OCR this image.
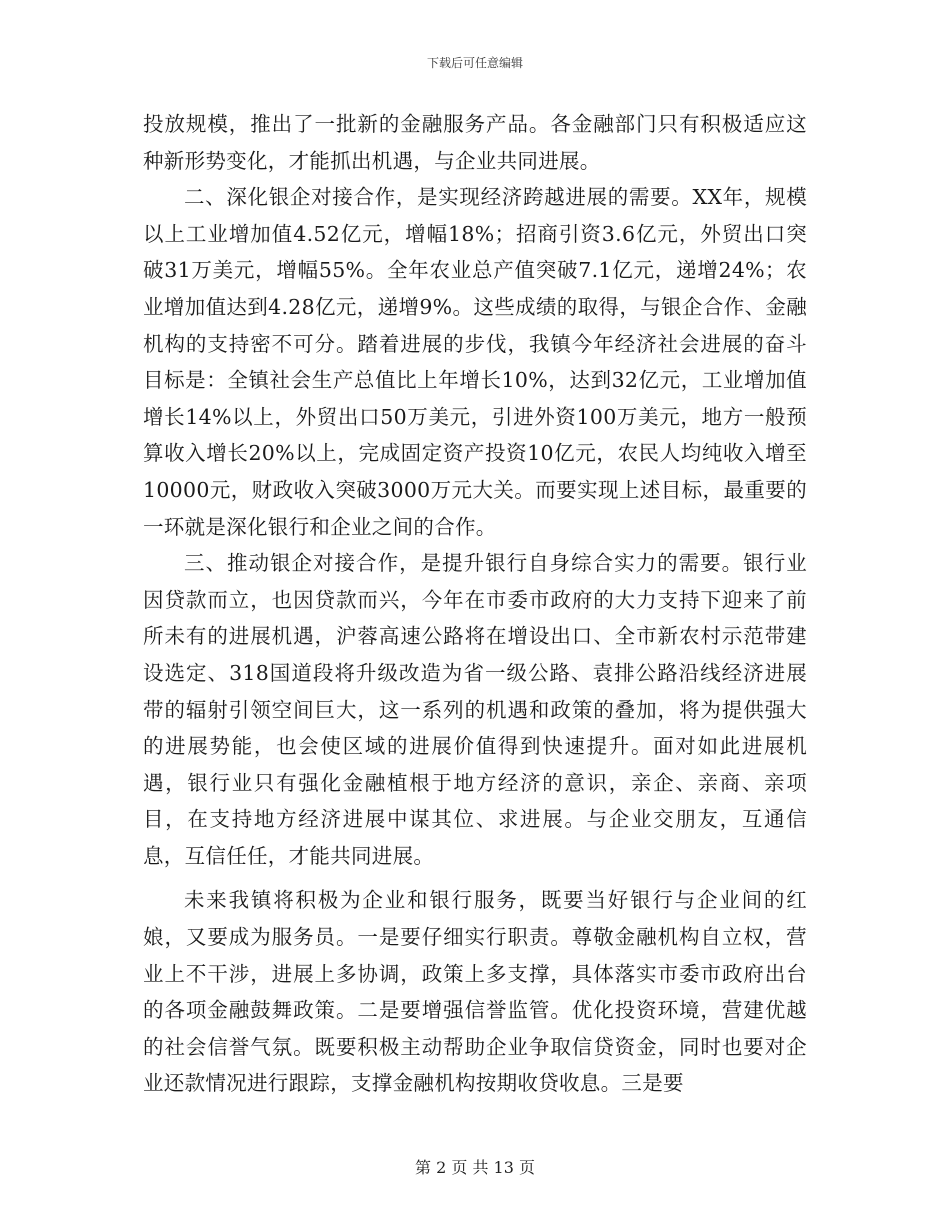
下载后可任意编辑

投放规模，推出了一批新的金融服务产品。各金融部门只有积极适应这种新形势变化，才能抓出机遇，与企业共同进展。

二、深化银企对接合作，是实现经济跨越进展的需要。XX年，规模以上工业增加值4.52亿元，增幅18%；招商引资3.6亿元，外贸出口突破31万美元，增幅55%。全年农业总产值突破7.1亿元，递增24%；农业增加值达到4.28亿元，递增9%。这些成绩的取得，与银企合作、金融机构的支持密不可分。踏着进展的步伐，我镇今年经济社会进展的奋斗目标是：全镇社会生产总值比上年增长10%，达到32亿元，工业增加值增长14%以上，外贸出口50万美元，引进外资100万美元，地方一般预算收入增长20%以上，完成固定资产投资10亿元，农民人均纯收入增至10000元，财政收入突破3000万元大关。而要实现上述目标，最重要的一环就是深化银行和企业之间的合作。

三、推动银企对接合作，是提升银行自身综合实力的需要。银行业因贷款而立，也因贷款而兴，今年在市委市政府的大力支持下迎来了前所未有的进展机遇，沪蓉高速公路将在增设出口、全市新农村示范带建设选定、318国道段将升级改造为省一级公路、袁排公路沿线经济进展带的辐射引领空间巨大，这一系列的机遇和政策的叠加，将为提供强大的进展势能，也会使区域的进展价值得到快速提升。面对如此进展机遇，银行业只有强化金融植根于地方经济的意识，亲企、亲商、亲项目，在支持地方经济进展中谋其位、求进展。与企业交朋友，互通信息，互信任任，才能共同进展。

未来我镇将积极为企业和银行服务，既要当好银行与企业间的红娘，又要成为服务员。一是要仔细实行职责。尊敬金融机构自立权，营业上不干涉，进展上多协调，政策上多支撑，具体落实市委市政府出台的各项金融鼓舞政策。二是要增强信誉监管。优化投资环境，营建优越的社会信誉气氛。既要积极主动帮助企业争取信贷资金，同时也要对企业还款情况进行跟踪，支撑金融机构按期收贷收息。三是要

第 2 页 共 13 页
